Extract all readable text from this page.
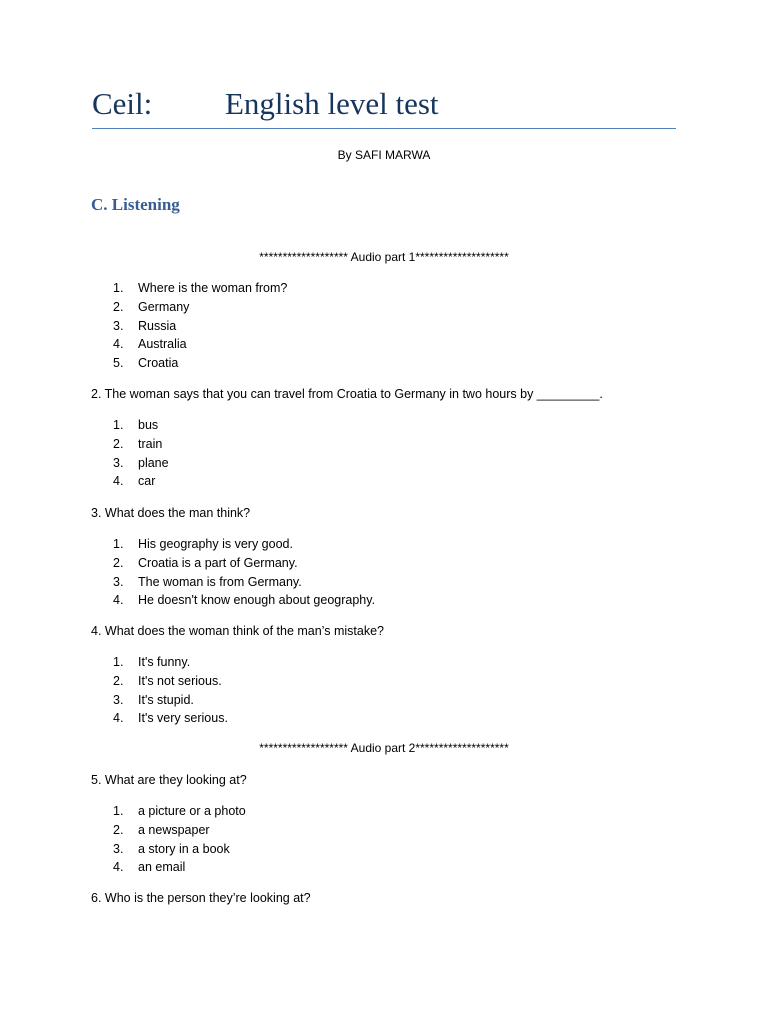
Ceil: English level test
By SAFI MARWA
C. Listening
******************* Audio part 1********************
1. Where is the woman from?
2. Germany
3. Russia
4. Australia
5. Croatia
2. The woman says that you can travel from Croatia to Germany in two hours by _________.
1. bus
2. train
3. plane
4. car
3. What does the man think?
1. His geography is very good.
2. Croatia is a part of Germany.
3. The woman is from Germany.
4. He doesn't know enough about geography.
4. What does the woman think of the man’s mistake?
1. It's funny.
2. It's not serious.
3. It's stupid.
4. It's very serious.
******************* Audio part 2********************
5. What are they looking at?
1. a picture or a photo
2. a newspaper
3. a story in a book
4. an email
6. Who is the person they’re looking at?
